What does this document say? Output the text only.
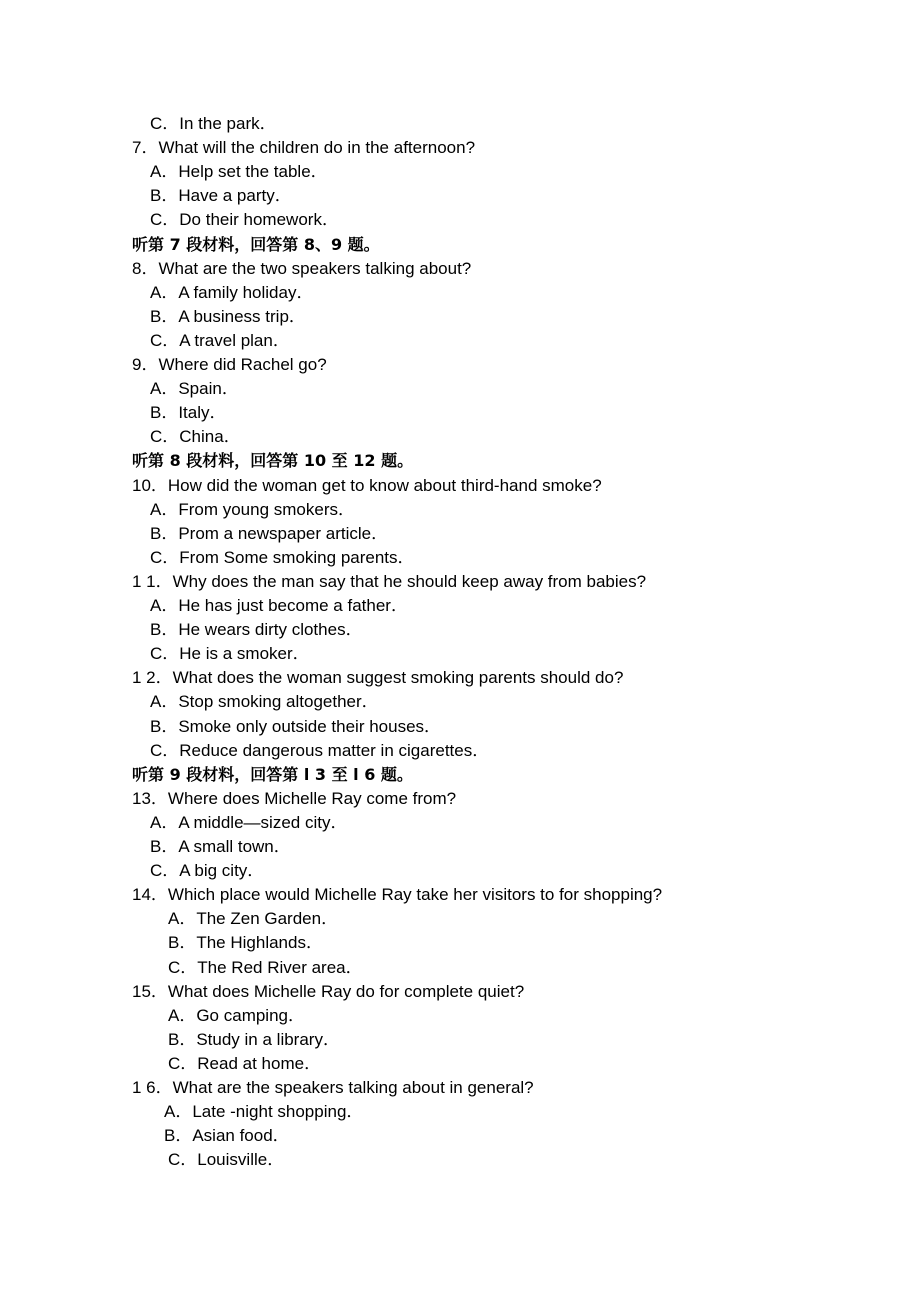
C．In the park．
7．What will the children do in the afternoon?
A．Help set the table．
B．Have a party．
C．Do their homework．
听第 7 段材料，回答第 8、9 题。
8．What are the two speakers talking about?
A．A family holiday．
B．A business trip．
C．A travel plan．
9．Where did Rachel go?
A．Spain．
B．Italy．
C．China．
听第 8 段材料，回答第 10 至 12 题。
10．How did the woman get to know about third-hand smoke?
A．From young smokers．
B．Prom a newspaper article．
C．From Some smoking parents．
1 1．Why does the man say that he should keep away from babies?
A．He has just become a father．
B．He wears dirty clothes．
C．He is a smoker．
1 2．What does the woman suggest smoking parents should do?
A．Stop smoking altogether．
B．Smoke only outside their houses．
C．Reduce dangerous matter in cigarettes．
听第 9 段材料，回答第 l 3 至 l 6 题。
13．Where does Michelle Ray come from?
A．A middle—sized city．
B．A small town．
C．A big city．
14．Which place would Michelle Ray take her visitors to for shopping?
A．The Zen Garden．
B．The Highlands．
C．The Red River area．
15．What does Michelle Ray do for complete quiet?
A．Go camping．
B．Study in a library．
C．Read at home．
1 6．What are the speakers talking about in general?
A．Late -night shopping．
B．Asian food．
C．Louisville．
